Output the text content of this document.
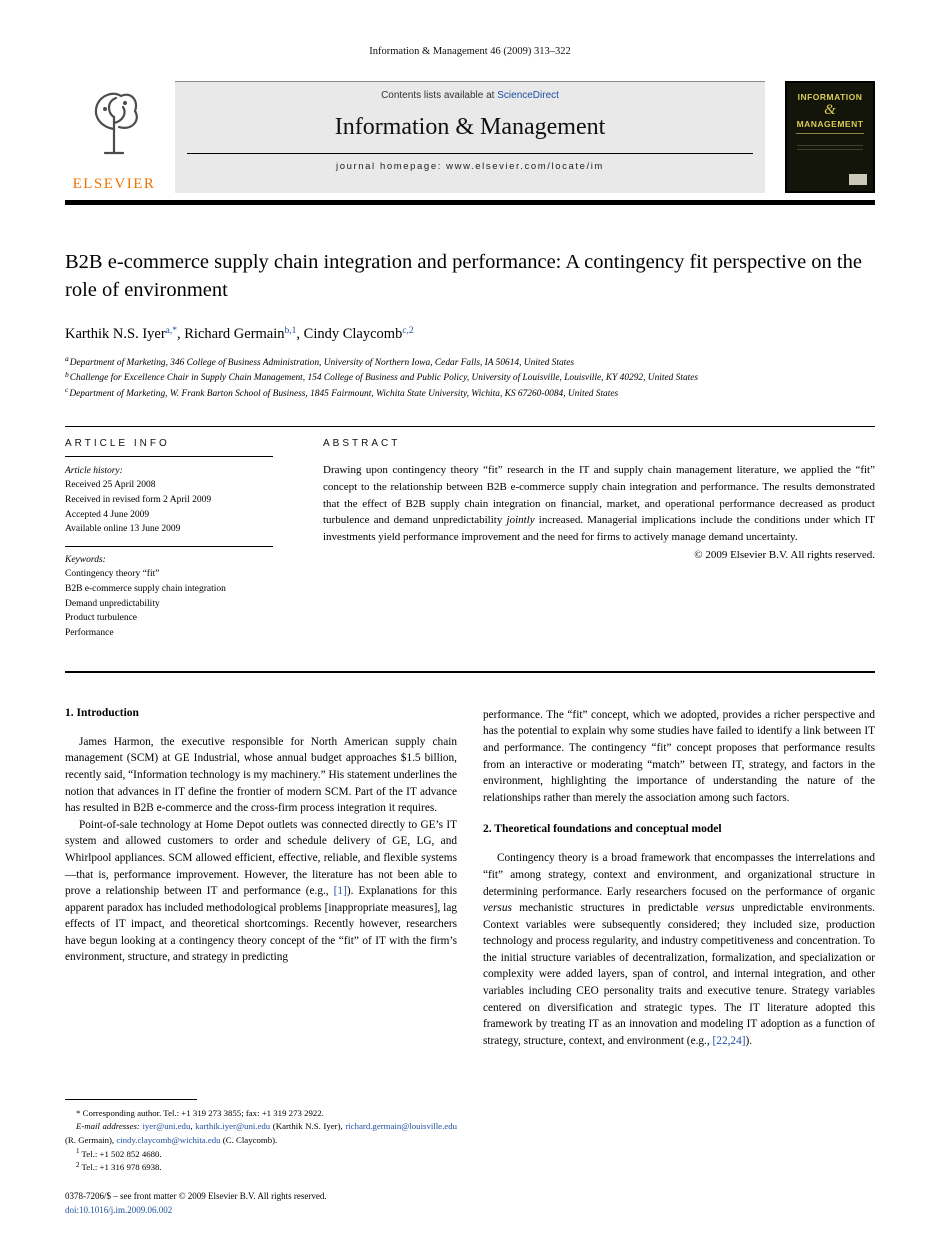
Information & Management 46 (2009) 313–322
ELSEVIER
Contents lists available at ScienceDirect
Information & Management
journal homepage: www.elsevier.com/locate/im
INFORMATION
&
MANAGEMENT
B2B e-commerce supply chain integration and performance: A contingency fit perspective on the role of environment
Karthik N.S. Iyer$^{a,*}$, Richard Germain$^{b,1}$, Cindy Claycomb$^{c,2}$
$^a$Department of Marketing, 346 College of Business Administration, University of Northern Iowa, Cedar Falls, IA 50614, United States
$^b$Challenge for Excellence Chair in Supply Chain Management, 154 College of Business and Public Policy, University of Louisville, Louisville, KY 40292, United States
$^c$Department of Marketing, W. Frank Barton School of Business, 1845 Fairmount, Wichita State University, Wichita, KS 67260-0084, United States
ARTICLE INFO
Article history:
Received 25 April 2008
Received in revised form 2 April 2009
Accepted 4 June 2009
Available online 13 June 2009
Keywords:
Contingency theory “fit”
B2B e-commerce supply chain integration
Demand unpredictability
Product turbulence
Performance
ABSTRACT

Drawing upon contingency theory “fit” research in the IT and supply chain management literature, we applied the “fit” concept to the relationship between B2B e-commerce supply chain integration and performance. The results demonstrated that the effect of B2B supply chain integration on financial, market, and operational performance decreased as product turbulence and demand unpredictability jointly increased. Managerial implications include the conditions under which IT investments yield performance improvement and the need for firms to actively manage demand uncertainty.

© 2009 Elsevier B.V. All rights reserved.
1. Introduction

James Harmon, the executive responsible for North American supply chain management (SCM) at GE Industrial, whose annual budget approaches $1.5 billion, recently said, “Information technology is my machinery.” His statement underlines the notion that advances in IT define the frontier of modern SCM. Part of the IT advance has resulted in B2B e-commerce and the cross-firm process integration it requires.

Point-of-sale technology at Home Depot outlets was connected directly to GE’s IT system and allowed customers to order and schedule delivery of GE, LG, and Whirlpool appliances. SCM allowed efficient, effective, reliable, and flexible systems—that is, performance improvement. However, the literature has not been able to prove a relationship between IT and performance (e.g., [1]). Explanations for this apparent paradox has included methodological problems [inappropriate measures], lag effects of IT impact, and theoretical shortcomings. Recently however, researchers have begun looking at a contingency theory concept of the “fit” of IT with the firm’s environment, structure, and strategy in predicting

* Corresponding author. Tel.: +1 319 273 3855; fax: +1 319 273 2922.

E-mail addresses: iyer@uni.edu, karthik.iyer@uni.edu (Karthik N.S. Iyer), richard.germain@louisville.edu (R. Germain), cindy.claycomb@wichita.edu (C. Claycomb).

$^1$ Tel.: +1 502 852 4680.

$^2$ Tel.: +1 316 978 6938.

performance. The “fit” concept, which we adopted, provides a richer perspective and has the potential to explain why some studies have failed to identify a link between IT and performance. The contingency “fit” concept proposes that performance results from an interactive or moderating “match” between IT, strategy, and factors in the environment, highlighting the importance of understanding the nature of the relationships rather than merely the association among such factors.

2. Theoretical foundations and conceptual model

Contingency theory is a broad framework that encompasses the interrelations and “fit” among strategy, context and environment, and organizational structure in determining performance. Early researchers focused on the performance of organic versus mechanistic structures in predictable versus unpredictable environments. Context variables were subsequently considered; they included size, production technology and process regularity, and industry competitiveness and concentration. To the initial structure variables of decentralization, formalization, and specialization or complexity were added layers, span of control, and internal integration, and other variables including CEO personality traits and executive tenure. Strategy variables centered on diversification and strategic types. The IT literature adopted this framework by treating IT as an innovation and modeling IT adoption as a function of strategy, structure, context, and environment (e.g., [22,24]).

0378-7206/$ – see front matter © 2009 Elsevier B.V. All rights reserved.
doi:10.1016/j.im.2009.06.002
